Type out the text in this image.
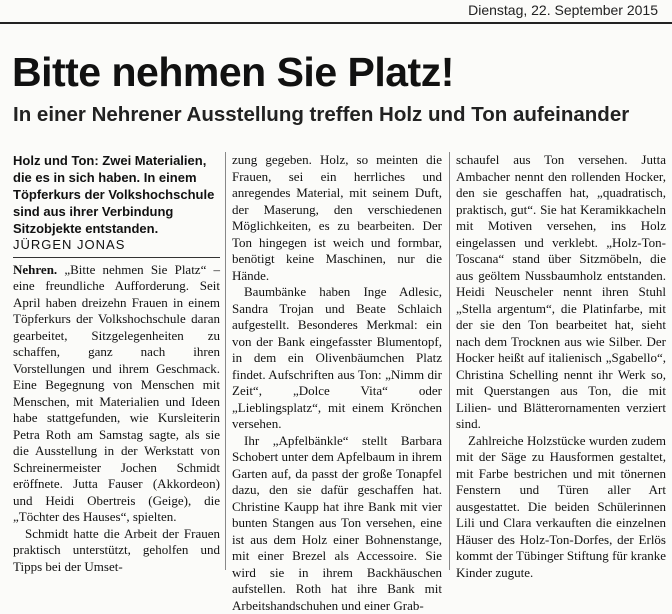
Dienstag, 22. September 2015
Bitte nehmen Sie Platz!
In einer Nehrener Ausstellung treffen Holz und Ton aufeinander

Holz und Ton: Zwei Materialien, die es in sich haben. In einem Töpferkurs der Volkshochschule sind aus ihrer Verbindung Sitzobjekte entstanden.

JÜRGEN JONAS

Nehren. „Bitte nehmen Sie Platz“ – eine freundliche Aufforderung. Seit April haben dreizehn Frauen in einem Töpferkurs der Volkshochschule daran gearbeitet, Sitzgelegenheiten zu schaffen, ganz nach ihren Vorstellungen und ihrem Geschmack. Eine Begegnung von Menschen mit Menschen, mit Materialien und Ideen habe stattgefunden, wie Kursleiterin Petra Roth am Samstag sagte, als sie die Ausstellung in der Werkstatt von Schreinermeister Jochen Schmidt eröffnete. Jutta Fauser (Akkordeon) und Heidi Obertreis (Geige), die „Töchter des Hauses“, spielten.

Schmidt hatte die Arbeit der Frauen praktisch unterstützt, geholfen und Tipps bei der Umset-

zung gegeben. Holz, so meinten die Frauen, sei ein herrliches und anregendes Material, mit seinem Duft, der Maserung, den verschiedenen Möglichkeiten, es zu bearbeiten. Der Ton hingegen ist weich und formbar, benötigt keine Maschinen, nur die Hände.

Baumbänke haben Inge Adlesic, Sandra Trojan und Beate Schlaich aufgestellt. Besonderes Merkmal: ein von der Bank eingefasster Blumentopf, in dem ein Olivenbäumchen Platz findet. Aufschriften aus Ton: „Nimm dir Zeit“, „Dolce Vita“ oder „Lieblingsplatz“, mit einem Krönchen versehen.

Ihr „Apfelbänkle“ stellt Barbara Schobert unter dem Apfelbaum in ihrem Garten auf, da passt der große Tonapfel dazu, den sie dafür geschaffen hat. Christine Kaupp hat ihre Bank mit vier bunten Stangen aus Ton versehen, eine ist aus dem Holz einer Bohnenstange, mit einer Brezel als Accessoire. Sie wird sie in ihrem Backhäuschen aufstellen. Roth hat ihre Bank mit Arbeitshandschuhen und einer Grab-

schaufel aus Ton versehen. Jutta Ambacher nennt den rollenden Hocker, den sie geschaffen hat, „quadratisch, praktisch, gut“. Sie hat Keramikkacheln mit Motiven versehen, ins Holz eingelassen und verklebt. „Holz-Ton-Toscana“ stand über Sitzmöbeln, die aus geöltem Nussbaumholz entstanden. Heidi Neuscheler nennt ihren Stuhl „Stella argentum“, die Platinfarbe, mit der sie den Ton bearbeitet hat, sieht nach dem Trocknen aus wie Silber. Der Hocker heißt auf italienisch „Sgabello“, Christina Schelling nennt ihr Werk so, mit Querstangen aus Ton, die mit Lilien- und Blätterornamenten verziert sind.

Zahlreiche Holzstücke wurden zudem mit der Säge zu Hausformen gestaltet, mit Farbe bestrichen und mit tönernen Fenstern und Türen aller Art ausgestattet. Die beiden Schülerinnen Lili und Clara verkauften die einzelnen Häuser des Holz-Ton-Dorfes, der Erlös kommt der Tübinger Stiftung für kranke Kinder zugute.
